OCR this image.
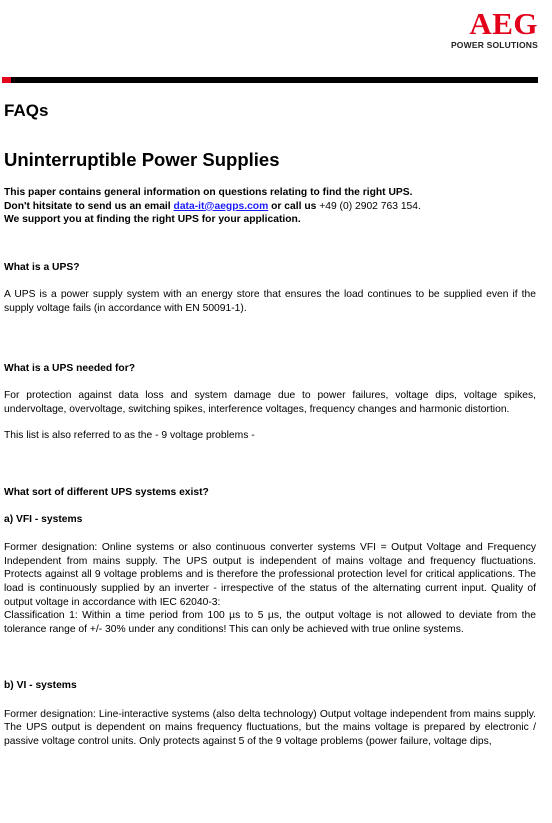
AEG
POWER SOLUTIONS
FAQs
Uninterruptible Power Supplies
This paper contains general information on questions relating to find the right UPS.
Don't hitsitate to send us an email data-it@aegps.com or call us +49 (0) 2902 763 154.
We support you at finding the right UPS for your application.

What is a UPS?

A UPS is a power supply system with an energy store that ensures the load continues to be supplied even if the supply voltage fails (in accordance with EN 50091-1).

What is a UPS needed for?

For protection against data loss and system damage due to power failures, voltage dips, voltage spikes, undervoltage, overvoltage, switching spikes, interference voltages, frequency changes and harmonic distortion.

This list is also referred to as the - 9 voltage problems -

What sort of different UPS systems exist?

a) VFI - systems

Former designation: Online systems or also continuous converter systems VFI = Output Voltage and Frequency Independent from mains supply. The UPS output is independent of mains voltage and frequency fluctuations. Protects against all 9 voltage problems and is therefore the professional protection level for critical applications. The load is continuously supplied by an inverter - irrespective of the status of the alternating current input. Quality of output voltage in accordance with IEC 62040-3:

Classification 1: Within a time period from 100 µs to 5 µs, the output voltage is not allowed to deviate from the tolerance range of +/- 30% under any conditions! This can only be achieved with true online systems.

b) VI - systems

Former designation: Line-interactive systems (also delta technology) Output voltage independent from mains supply. The UPS output is dependent on mains frequency fluctuations, but the mains voltage is prepared by electronic / passive voltage control units. Only protects against 5 of the 9 voltage problems (power failure, voltage dips,
